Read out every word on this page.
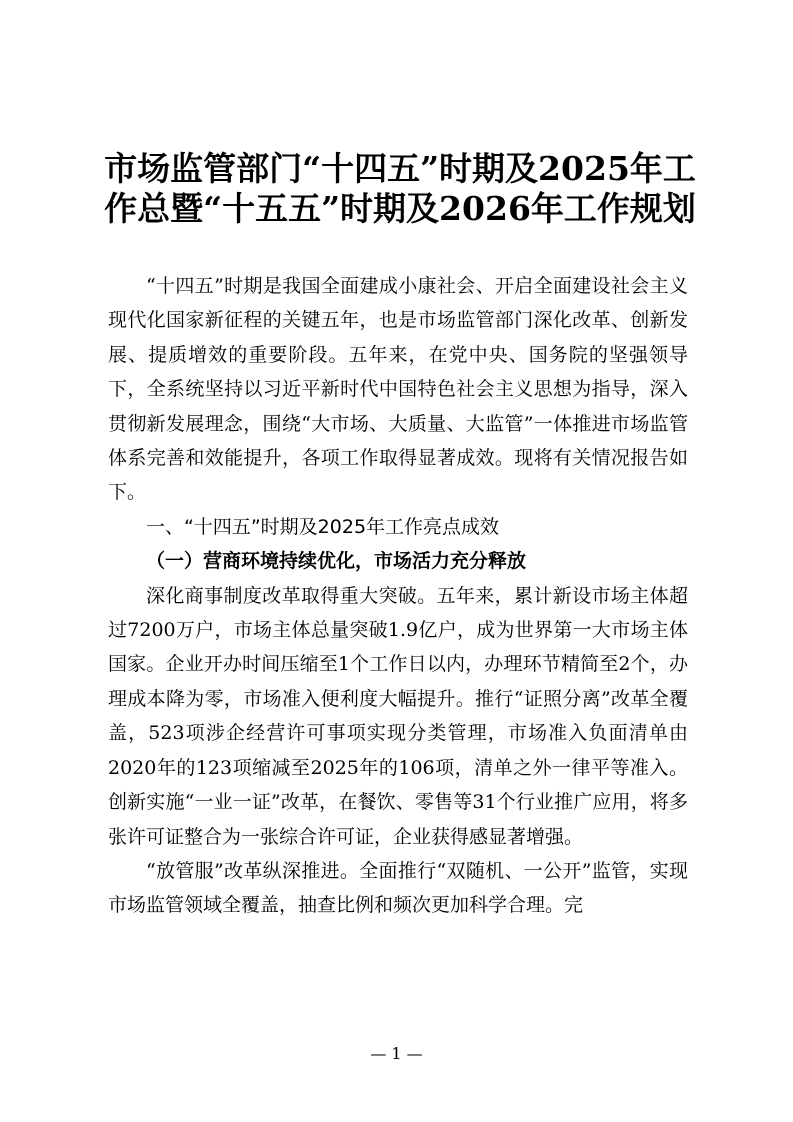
市场监管部门“十四五”时期及2025年工作总暨“十五五”时期及2026年工作规划

“十四五”时期是我国全面建成小康社会、开启全面建设社会主义现代化国家新征程的关键五年，也是市场监管部门深化改革、创新发展、提质增效的重要阶段。五年来，在党中央、国务院的坚强领导下，全系统坚持以习近平新时代中国特色社会主义思想为指导，深入贯彻新发展理念，围绕“大市场、大质量、大监管”一体推进市场监管体系完善和效能提升，各项工作取得显著成效。现将有关情况报告如下。

一、“十四五”时期及2025年工作亮点成效

（一）营商环境持续优化，市场活力充分释放

深化商事制度改革取得重大突破。五年来，累计新设市场主体超过7200万户，市场主体总量突破1.9亿户，成为世界第一大市场主体国家。企业开办时间压缩至1个工作日以内，办理环节精简至2个，办理成本降为零，市场准入便利度大幅提升。推行“证照分离”改革全覆盖，523项涉企经营许可事项实现分类管理，市场准入负面清单由2020年的123项缩减至2025年的106项，清单之外一律平等准入。创新实施“一业一证”改革，在餐饮、零售等31个行业推广应用，将多张许可证整合为一张综合许可证，企业获得感显著增强。

“放管服”改革纵深推进。全面推行“双随机、一公开”监管，实现市场监管领域全覆盖，抽查比例和频次更加科学合理。完

— 1 —
